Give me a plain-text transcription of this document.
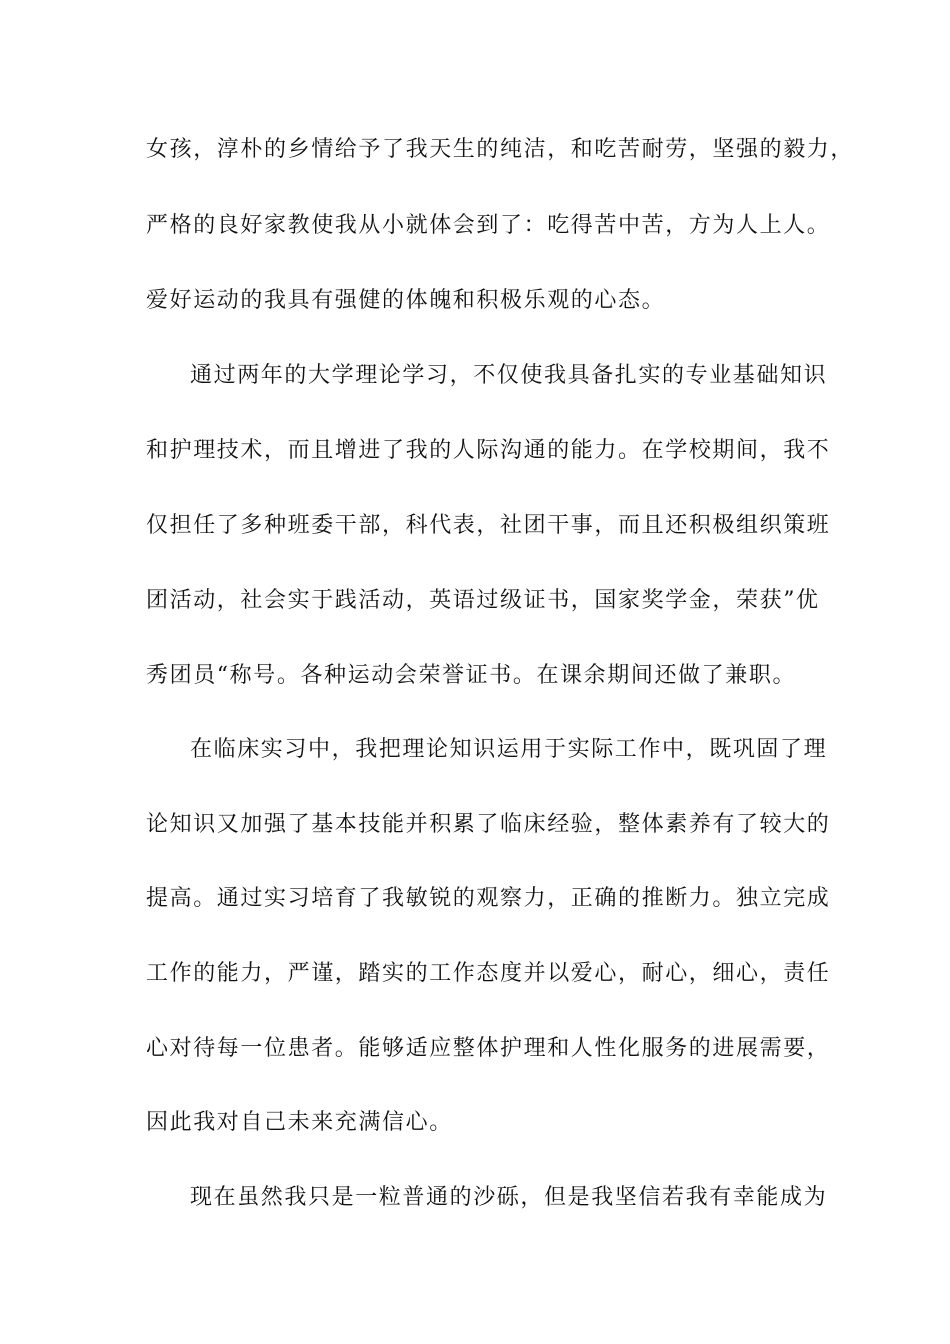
女孩，淳朴的乡情给予了我天生的纯洁，和吃苦耐劳，坚强的毅力，
严格的良好家教使我从小就体会到了：吃得苦中苦，方为人上人。
爱好运动的我具有强健的体魄和积极乐观的心态。
通过两年的大学理论学习，不仅使我具备扎实的专业基础知识
和护理技术，而且增进了我的人际沟通的能力。在学校期间，我不
仅担任了多种班委干部，科代表，社团干事，而且还积极组织策班
团活动，社会实于践活动，英语过级证书，国家奖学金，荣获”优
秀团员“称号。各种运动会荣誉证书。在课余期间还做了兼职。
在临床实习中，我把理论知识运用于实际工作中，既巩固了理
论知识又加强了基本技能并积累了临床经验，整体素养有了较大的
提高。通过实习培育了我敏锐的观察力，正确的推断力。独立完成
工作的能力，严谨，踏实的工作态度并以爱心，耐心，细心，责任
心对待每一位患者。能够适应整体护理和人性化服务的进展需要，
因此我对自己未来充满信心。
现在虽然我只是一粒普通的沙砾，但是我坚信若我有幸能成为
